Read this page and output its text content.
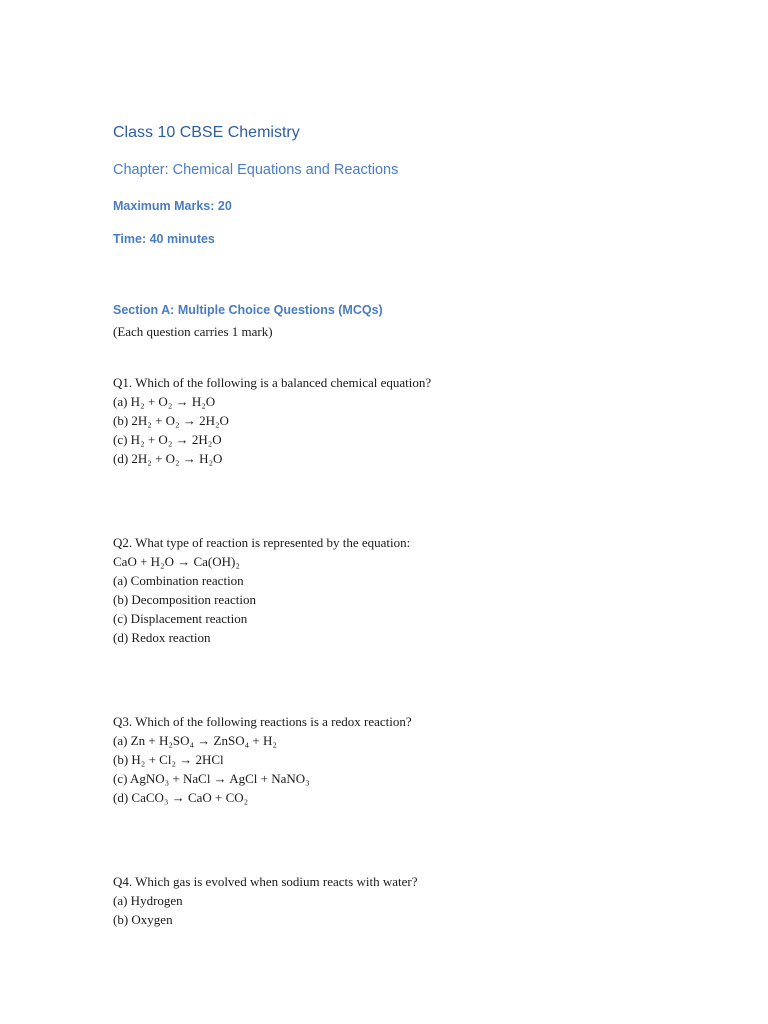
Class 10 CBSE Chemistry
Chapter: Chemical Equations and Reactions
Maximum Marks: 20
Time: 40 minutes
Section A: Multiple Choice Questions (MCQs)
(Each question carries 1 mark)
Q1. Which of the following is a balanced chemical equation?
(a) H₂ + O₂ → H₂O
(b) 2H₂ + O₂ → 2H₂O
(c) H₂ + O₂ → 2H₂O
(d) 2H₂ + O₂ → H₂O
Q2. What type of reaction is represented by the equation:
CaO + H₂O → Ca(OH)₂
(a) Combination reaction
(b) Decomposition reaction
(c) Displacement reaction
(d) Redox reaction
Q3. Which of the following reactions is a redox reaction?
(a) Zn + H₂SO₄ → ZnSO₄ + H₂
(b) H₂ + Cl₂ → 2HCl
(c) AgNO₃ + NaCl → AgCl + NaNO₃
(d) CaCO₃ → CaO + CO₂
Q4. Which gas is evolved when sodium reacts with water?
(a) Hydrogen
(b) Oxygen
